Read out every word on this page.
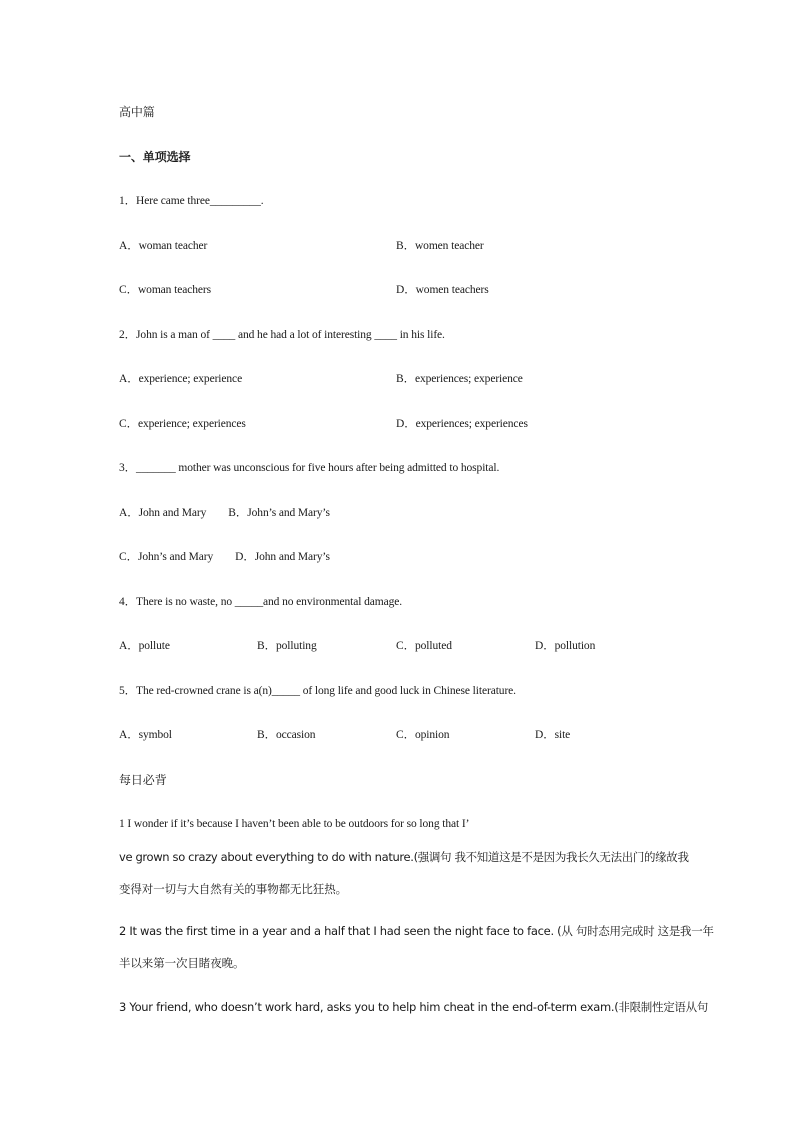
高中篇
一、单项选择
1．Here came three_________.
A．woman teacher	B．women teacher
C．woman teachers	D．women teachers
2．John is a man of ____ and he had a lot of interesting ____ in his life.
A．experience; experience	B．experiences; experience
C．experience; experiences	D．experiences; experiences
3．_______ mother was unconscious for five hours after being admitted to hospital.
A．John and Mary B．John’s and Mary’s
C．John’s and Mary D．John and Mary’s
4．There is no waste, no _____and no environmental damage.
A．pollute	B．polluting	C．polluted	D．pollution
5．The red-crowned crane is a(n)_____ of long life and good luck in Chinese literature.
A．symbol	B．occasion	C．opinion	D．site
每日必背
1 I wonder if it’s because I haven’t been able to be outdoors for so long that I’
ve grown so crazy about everything to do with nature.(强调句 我不知道这是不是因为我长久无法出门的缘故我
变得对一切与大自然有关的事物都无比狂热。
2 It was the first time in a year and a half that I had seen the night face to face. (从 句时态用完成时 这是我一年
半以来第一次目睹夜晚。
3 Your friend, who doesn’t work hard, asks you to help him cheat in the end-of-term exam.(非限制性定语从句
